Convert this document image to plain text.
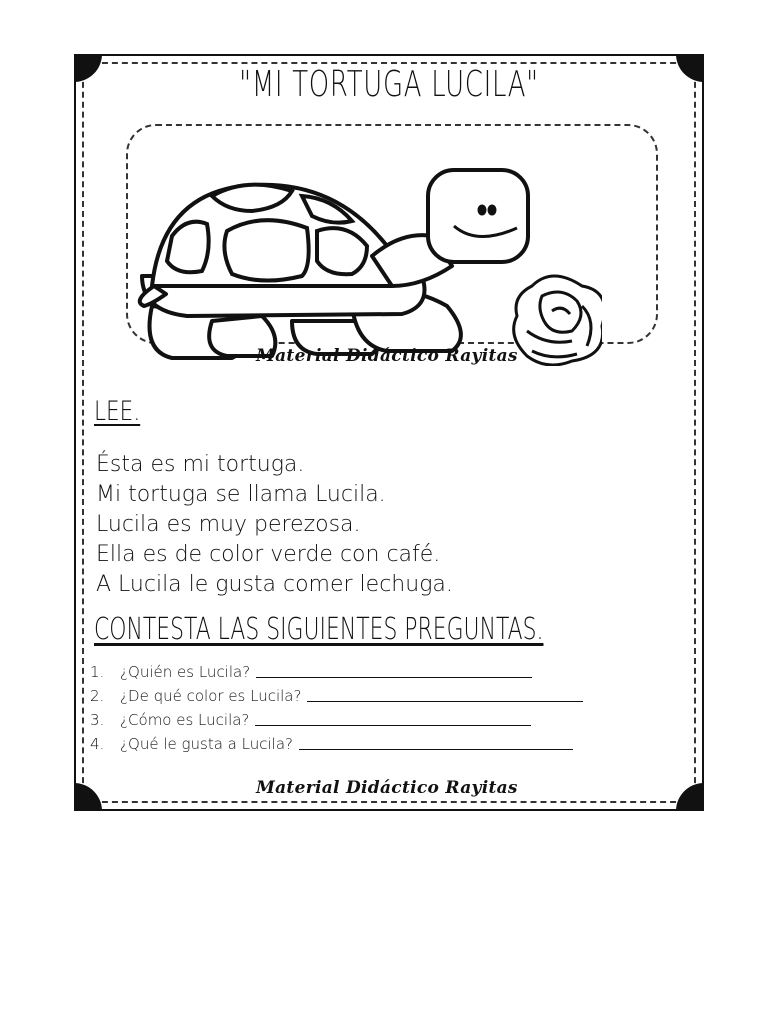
"MI TORTUGA LUCILA"
Material Didáctico Rayitas
LEE.
Ésta es mi tortuga.
Mi tortuga se llama Lucila.
Lucila es muy perezosa.
Ella es de color verde con café.
A Lucila le gusta comer lechuga.
CONTESTA LAS SIGUIENTES PREGUNTAS.
1.	¿Quién es Lucila?
2.	¿De qué color es Lucila?
3.	¿Cómo es Lucila?
4.	¿Qué le gusta a Lucila?
Material Didáctico Rayitas
